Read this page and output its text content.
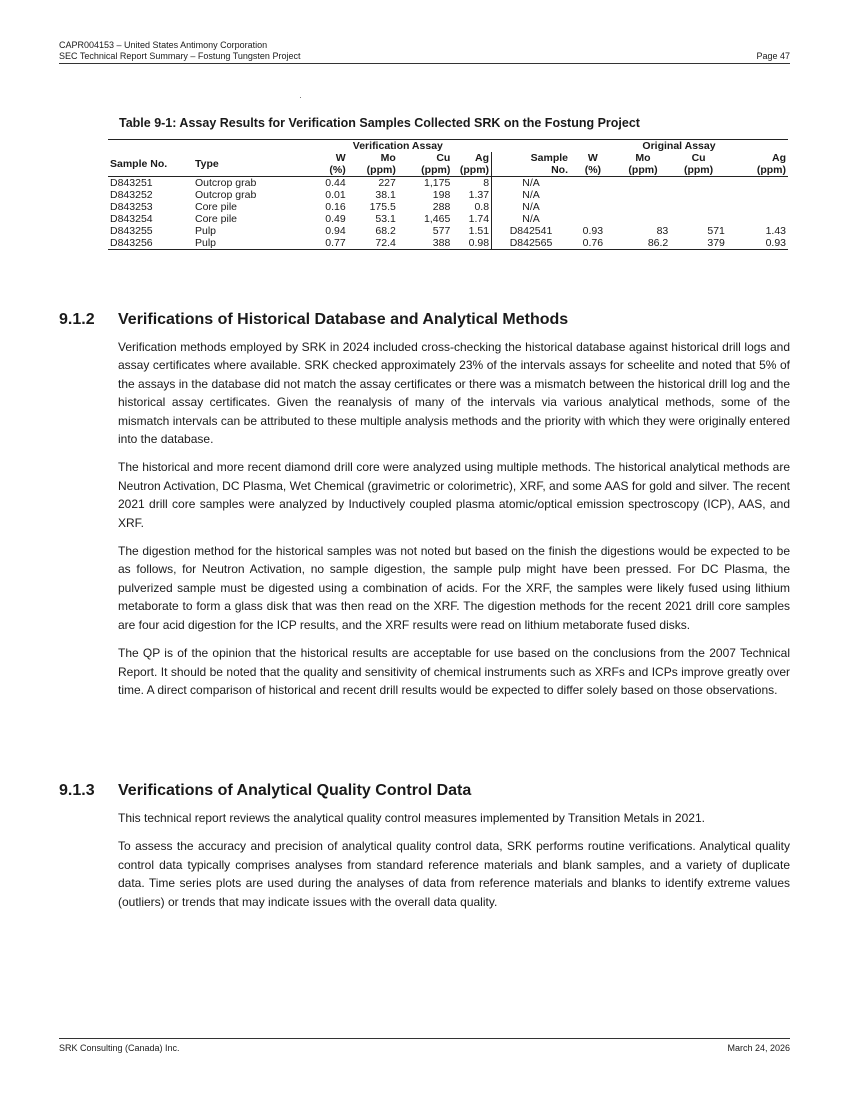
CAPR004153 – United States Antimony Corporation
SEC Technical Report Summary – Fostung Tungsten Project	Page 47
Table 9-1: Assay Results for Verification Samples Collected SRK on the Fostung Project
		Verification Assay					Original Assay			
Sample No.	Type	W	Mo	Cu	Ag	Sample	W	Mo	Cu	Ag
		(%)	(ppm)	(ppm)	(ppm)	No.	(%)	(ppm)	(ppm)	(ppm)
D843251	Outcrop grab	0.44	227	1,175	8	N/A				
D843252	Outcrop grab	0.01	38.1	198	1.37	N/A				
D843253	Core pile	0.16	175.5	288	0.8	N/A				
D843254	Core pile	0.49	53.1	1,465	1.74	N/A				
D843255	Pulp	0.94	68.2	577	1.51	D842541	0.93	83	571	1.43
D843256	Pulp	0.77	72.4	388	0.98	D842565	0.76	86.2	379	0.93
9.1.2	Verifications of Historical Database and Analytical Methods

Verification methods employed by SRK in 2024 included cross-checking the historical database against historical drill logs and assay certificates where available. SRK checked approximately 23% of the intervals assays for scheelite and noted that 5% of the assays in the database did not match the assay certificates or there was a mismatch between the historical drill log and the historical assay certificates. Given the reanalysis of many of the intervals via various analytical methods, some of the mismatch intervals can be attributed to these multiple analysis methods and the priority with which they were originally entered into the database.

The historical and more recent diamond drill core were analyzed using multiple methods. The historical analytical methods are Neutron Activation, DC Plasma, Wet Chemical (gravimetric or colorimetric), XRF, and some AAS for gold and silver. The recent 2021 drill core samples were analyzed by Inductively coupled plasma atomic/optical emission spectroscopy (ICP), AAS, and XRF.

The digestion method for the historical samples was not noted but based on the finish the digestions would be expected to be as follows, for Neutron Activation, no sample digestion, the sample pulp might have been pressed. For DC Plasma, the pulverized sample must be digested using a combination of acids. For the XRF, the samples were likely fused using lithium metaborate to form a glass disk that was then read on the XRF. The digestion methods for the recent 2021 drill core samples are four acid digestion for the ICP results, and the XRF results were read on lithium metaborate fused disks.

The QP is of the opinion that the historical results are acceptable for use based on the conclusions from the 2007 Technical Report. It should be noted that the quality and sensitivity of chemical instruments such as XRFs and ICPs improve greatly over time. A direct comparison of historical and recent drill results would be expected to differ solely based on those observations.

9.1.3	Verifications of Analytical Quality Control Data

This technical report reviews the analytical quality control measures implemented by Transition Metals in 2021.

To assess the accuracy and precision of analytical quality control data, SRK performs routine verifications. Analytical quality control data typically comprises analyses from standard reference materials and blank samples, and a variety of duplicate data. Time series plots are used during the analyses of data from reference materials and blanks to identify extreme values (outliers) or trends that may indicate issues with the overall data quality.

SRK Consulting (Canada) Inc.	March 24, 2026
